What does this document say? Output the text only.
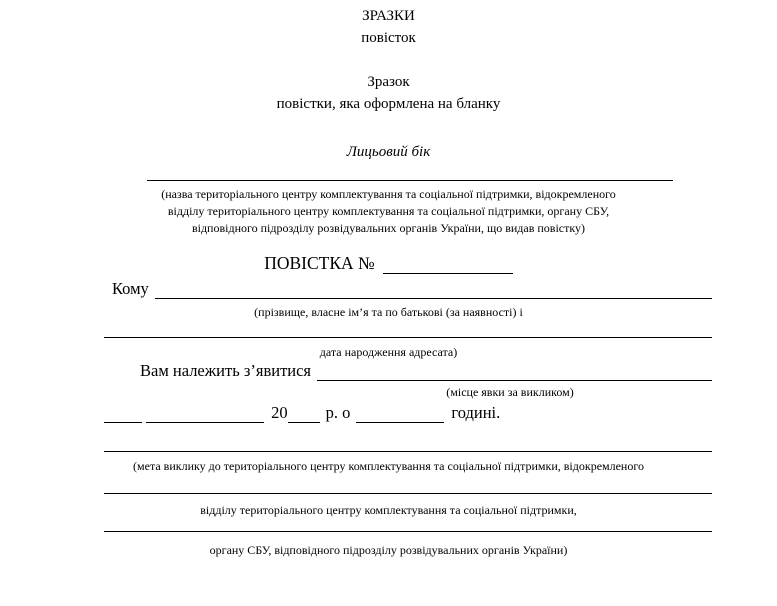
ЗРАЗКИ
повісток
Зразок
повістки, яка оформлена на бланку
Лицьовий бік
(назва територіального центру комплектування та соціальної підтримки, відокремленого
відділу територіального центру комплектування та соціальної підтримки, органу СБУ,
відповідного підрозділу розвідувальних органів України, що видав повістку)
ПОВІСТКА №
Кому
(прізвище, власне ім’я та по батькові (за наявності) і
дата народження адресата)
Вам належить з’явитися
(місце явки за викликом)

20	р. о	годині.
(мета виклику до територіального центру комплектування та соціальної підтримки, відокремленого
відділу територіального центру комплектування та соціальної підтримки,
органу СБУ, відповідного підрозділу розвідувальних органів України)
